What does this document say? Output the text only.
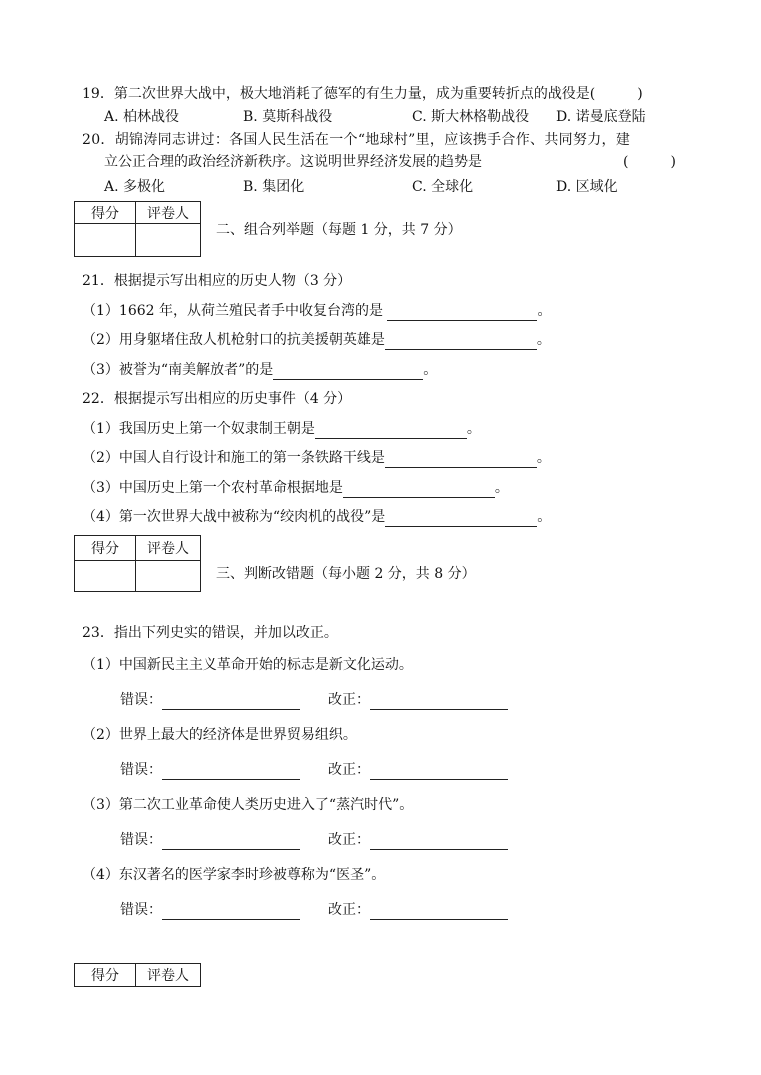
19．第二次世界大战中，极大地消耗了德军的有生力量，成为重要转折点的战役是(　　　)
A. 柏林战役	B. 莫斯科战役	C. 斯大林格勒战役 D. 诺曼底登陆
20．胡锦涛同志讲过：各国人民生活在一个“地球村”里，应该携手合作、共同努力，建
立公正合理的政治经济新秩序。这说明世界经济发展的趋势是	(　　　)
A. 多极化	B. 集团化	C. 全球化	D. 区域化
得分	评卷人

二、组合列举题（每题 1 分，共 7 分）
21．根据提示写出相应的历史人物（3 分）
（1）1662 年，从荷兰殖民者手中收复台湾的是	。
（2）用身躯堵住敌人机枪射口的抗美援朝英雄是	。
（3）被誉为“南美解放者”的是	。
22．根据提示写出相应的历史事件（4 分）
（1）我国历史上第一个奴隶制王朝是	。
（2）中国人自行设计和施工的第一条铁路干线是	。
（3）中国历史上第一个农村革命根据地是	。
（4）第一次世界大战中被称为“绞肉机的战役”是	。
得分	评卷人

三、判断改错题（每小题 2 分，共 8 分）
23．指出下列史实的错误，并加以改正。
（1）中国新民主主义革命开始的标志是新文化运动。
错误：	改正：
（2）世界上最大的经济体是世界贸易组织。
错误：	改正：
（3）第二次工业革命使人类历史进入了“蒸汽时代”。
错误：	改正：
（4）东汉著名的医学家李时珍被尊称为“医圣”。
错误：	改正：
得分	评卷人
